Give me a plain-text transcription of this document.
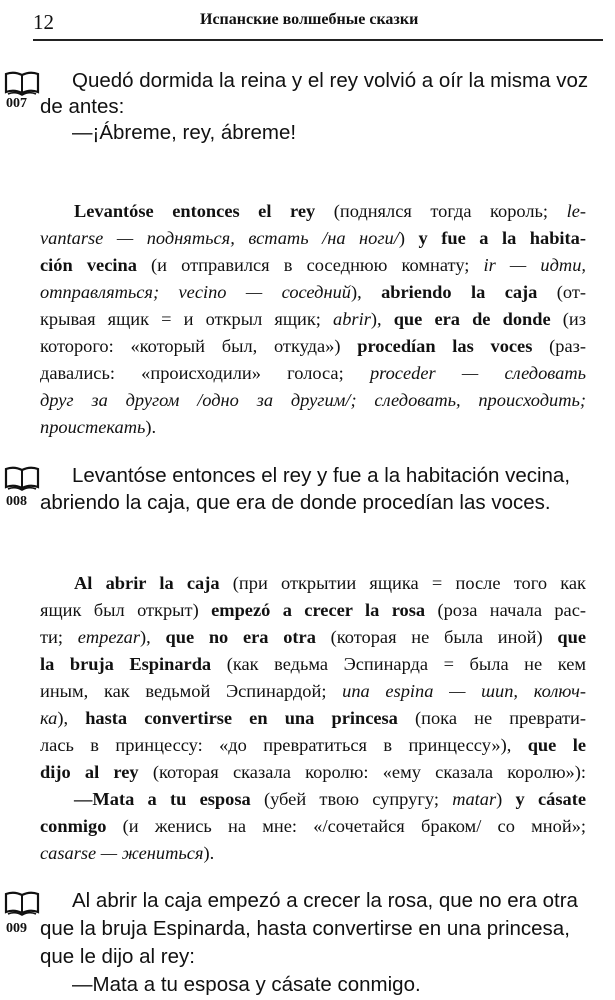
12	Испанские волшебные сказки
007
Quedó dormida la reina y el rey volvió a oír la misma voz
de antes:
—¡Ábreme, rey, ábreme!
Levantóse entonces el rey (поднялся тогда король; le-
vantarse — подняться, встать /на ноги/) y fue a la habita-
ción vecina (и отправился в соседнюю комнату; ir — идти,
отправляться; vecino — соседний), abriendo la caja (от-
крывая ящик = и открыл ящик; abrir), que era de donde (из
которого: «который был, откуда») procedían las voces (раз-
давались: «происходили» голоса; proceder — следовать
друг за другом /одно за другим/; следовать, происходить;
проистекать).
008
Levantóse entonces el rey y fue a la habitación vecina,
abriendo la caja, que era de donde procedían las voces.
Al abrir la caja (при открытии ящика = после того как
ящик был открыт) empezó a crecer la rosa (роза начала рас-
ти; empezar), que no era otra (которая не была иной) que
la bruja Espinarda (как ведьма Эспинарда = была не кем
иным, как ведьмой Эспинардой; una espina — шип, колюч-
ка), hasta convertirse en una princesa (пока не преврати-
лась в принцессу: «до превратиться в принцессу»), que le
dijo al rey (которая сказала королю: «ему сказала королю»):
—Mata a tu esposa (убей твою супругу; matar) y cásate
conmigo (и женись на мне: «/сочетайся браком/ со мной»;
casarse — жениться).
009
Al abrir la caja empezó a crecer la rosa, que no era otra
que la bruja Espinarda, hasta convertirse en una princesa,
que le dijo al rey:
—Mata a tu esposa y cásate conmigo.
